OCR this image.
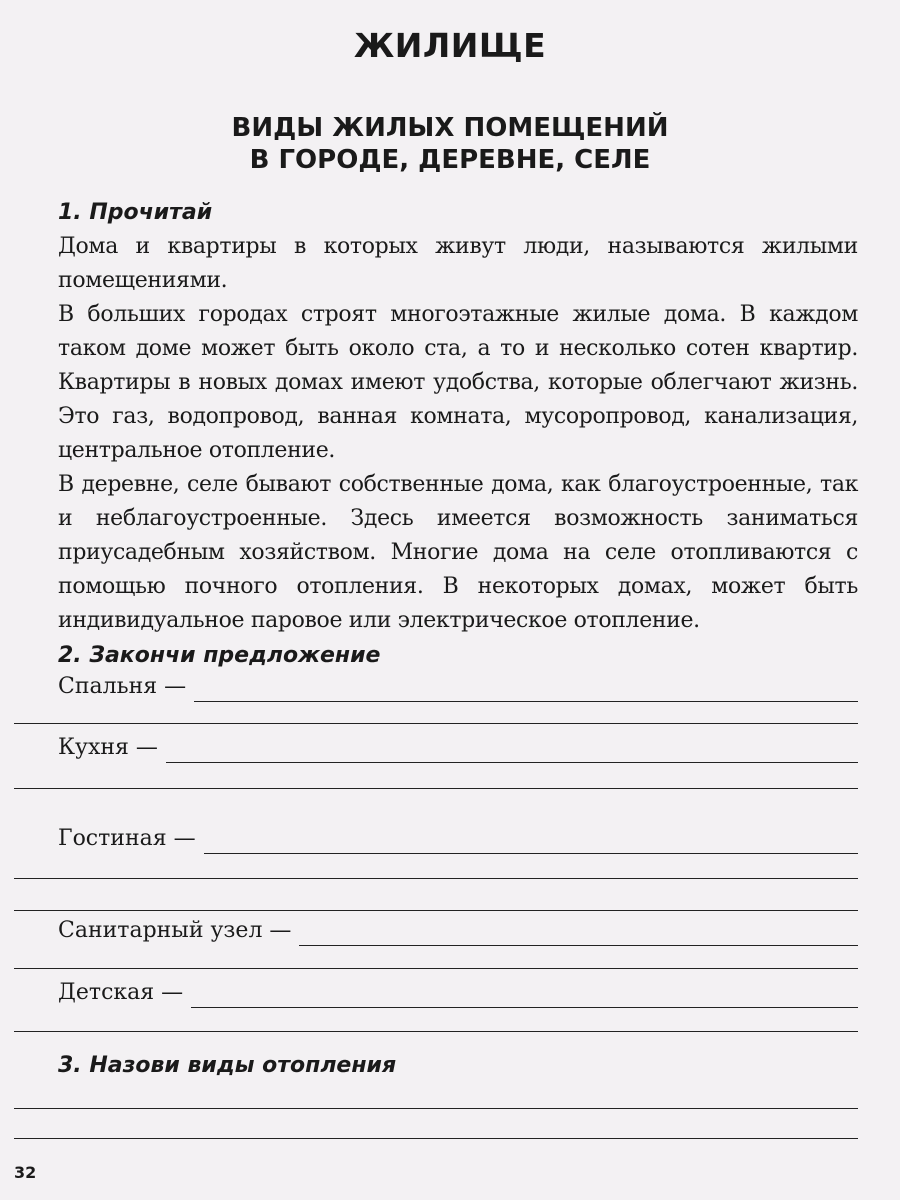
ЖИЛИЩЕ
ВИДЫ ЖИЛЫХ ПОМЕЩЕНИЙ
В ГОРОДЕ, ДЕРЕВНЕ, СЕЛЕ
1. Прочитай

Дома и квартиры в которых живут люди, называются жилыми помещениями.

В больших городах строят многоэтажные жилые дома. В каждом таком доме может быть около ста, а то и несколько сотен квартир. Квартиры в новых домах имеют удобства, которые облегчают жизнь. Это газ, водопровод, ванная комната, мусоропровод, канализация, центральное отопление.

В деревне, селе бывают собственные дома, как благоустроенные, так и неблагоустроенные. Здесь имеется возможность заниматься приусадебным хозяйством. Многие дома на селе отопливаются с помощью почного отопления. В некоторых домах, может быть индивидуальное паровое или электрическое отопление.

2. Закончи предложение
Спальня —
Кухня —
Гостиная —
Санитарный узел —
Детская —
3. Назови виды отопления
32
